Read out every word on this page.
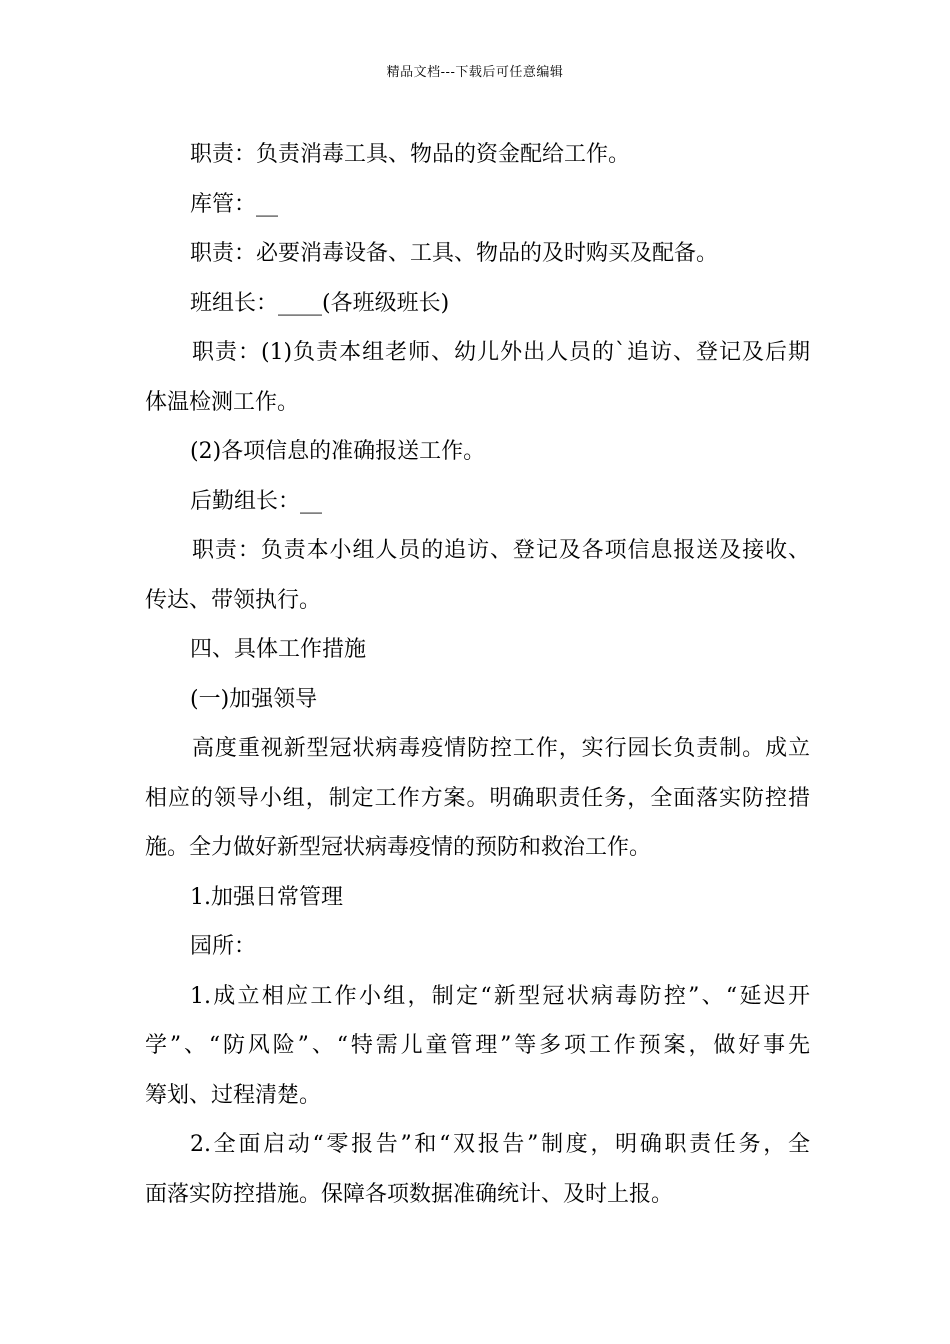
精品文档---下载后可任意编辑
职责：负责消毒工具、物品的资金配给工作。
库管：__
职责：必要消毒设备、工具、物品的及时购买及配备。
班组长：____(各班级班长)
职责：(1)负责本组老师、幼儿外出人员的`追访、登记及后期
体温检测工作。
(2)各项信息的准确报送工作。
后勤组长：__
职责：负责本小组人员的追访、登记及各项信息报送及接收、
传达、带领执行。
四、具体工作措施
(一)加强领导
高度重视新型冠状病毒疫情防控工作，实行园长负责制。成立
相应的领导小组，制定工作方案。明确职责任务，全面落实防控措
施。全力做好新型冠状病毒疫情的预防和救治工作。
1.加强日常管理
园所：
1.成立相应工作小组，制定“新型冠状病毒防控”、“延迟开
学”、“防风险”、“特需儿童管理”等多项工作预案，做好事先
筹划、过程清楚。
2.全面启动“零报告”和“双报告”制度，明确职责任务，全
面落实防控措施。保障各项数据准确统计、及时上报。
